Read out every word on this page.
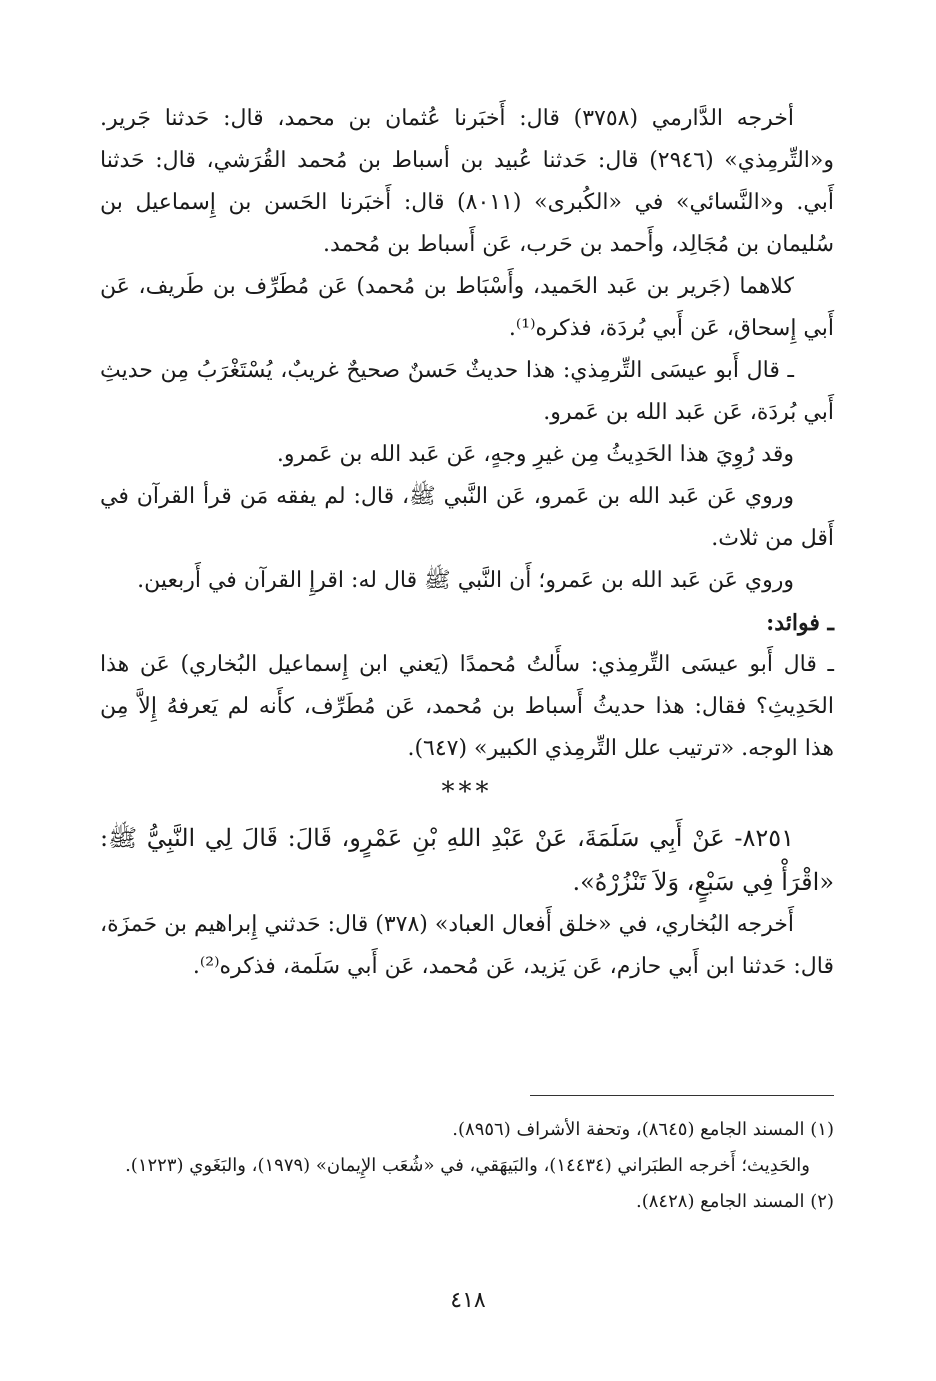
أخرجه الدَّارمي (٣٧٥٨) قال: أَخبَرنا عُثمان بن محمد، قال: حَدثنا جَرير. و«التِّرمِذي» (٢٩٤٦) قال: حَدثنا عُبيد بن أسباط بن مُحمد القُرَشي، قال: حَدثنا أَبي. و«النَّسائي» في «الكُبرى» (٨٠١١) قال: أَخبَرنا الحَسن بن إِسماعيل بن سُليمان بن مُجَالِد، وأَحمد بن حَرب، عَن أَسباط بن مُحمد.

كلاهما (جَرير بن عَبد الحَميد، وأَسْبَاط بن مُحمد) عَن مُطَرِّف بن طَريف، عَن أَبي إِسحاق، عَن أَبي بُردَة، فذكره⁽¹⁾.

ـ قال أَبو عيسَى التِّرمِذي: هذا حديثٌ حَسنٌ صحيحٌ غريبٌ، يُسْتَغْرَبُ مِن حديثِ أَبي بُردَة، عَن عَبد الله بن عَمرو.

وقد رُوِيَ هذا الحَدِيثُ مِن غيرِ وجهٍ، عَن عَبد الله بن عَمرو.

وروي عَن عَبد الله بن عَمرو، عَن النَّبي ﷺ، قال: لم يفقه مَن قرأ القرآن في أَقل من ثلاث.

وروي عَن عَبد الله بن عَمرو؛ أَن النَّبي ﷺ قال له: اقرإِ القرآن في أَربعين.

ـ فوائد:

ـ قال أَبو عيسَى التِّرمِذي: سأَلتُ مُحمدًا (يَعني ابن إِسماعيل البُخاري) عَن هذا الحَدِيثِ؟ فقال: هذا حديثُ أَسباط بن مُحمد، عَن مُطَرِّف، كأَنه لم يَعرفهُ إِلاَّ مِن هذا الوجه. «ترتيب علل التِّرمِذي الكبير» (٦٤٧).

***

٨٢٥١- عَنْ أَبِي سَلَمَةَ، عَنْ عَبْدِ اللهِ بْنِ عَمْرٍو، قَالَ: قَالَ لِي النَّبِيُّ ﷺ: «اقْرَأْ فِي سَبْعٍ، وَلاَ تَنْزُرْهُ».

أَخرجه البُخاري، في «خلق أَفعال العباد» (٣٧٨) قال: حَدثني إِبراهيم بن حَمزَة، قال: حَدثنا ابن أَبي حازم، عَن يَزيد، عَن مُحمد، عَن أَبي سَلَمة، فذكره⁽²⁾.

(١) المسند الجامع (٨٦٤٥)، وتحفة الأشراف (٨٩٥٦).

والحَدِيث؛ أَخرجه الطبَراني (١٤٤٣٤)، والبَيهَقي، في «شُعَب الإِيمان» (١٩٧٩)، والبَغَوي (١٢٢٣).

(٢) المسند الجامع (٨٤٢٨).

٤١٨
